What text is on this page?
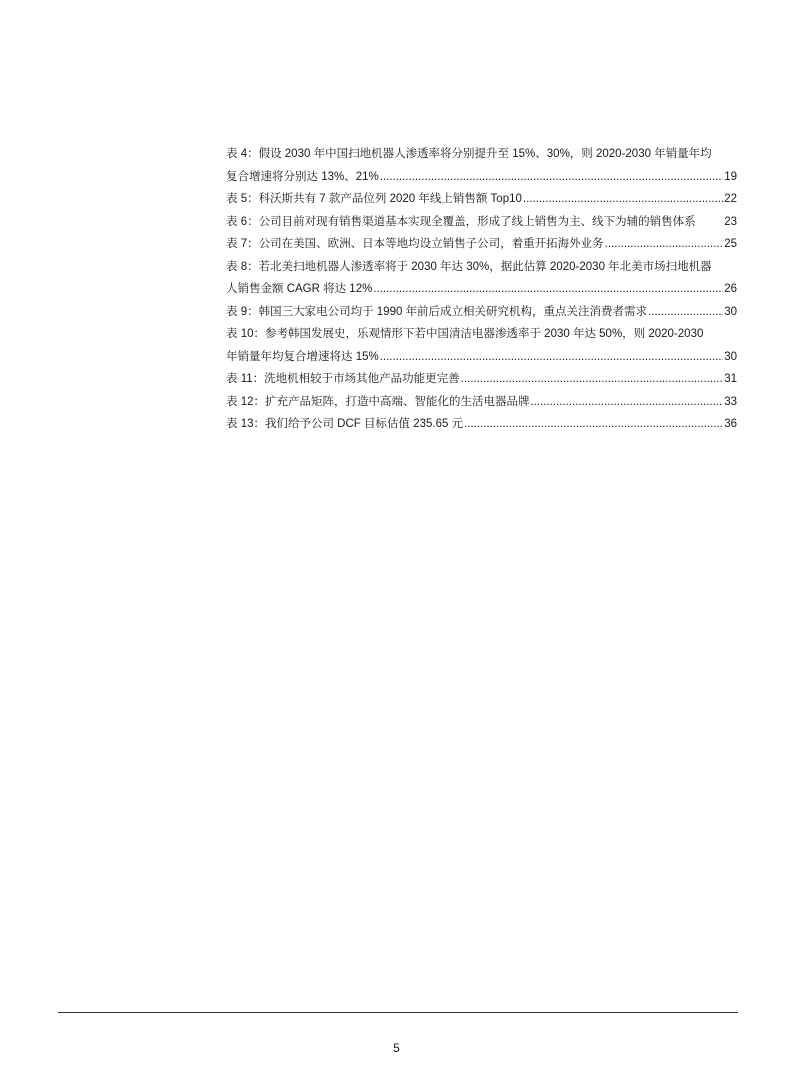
表 4：假设 2030 年中国扫地机器人渗透率将分别提升至 15%、30%，则 2020-2030 年销量年均
复合增速将分别达 13%、21% .....	19
表 5：科沃斯共有 7 款产品位列 2020 年线上销售额 Top10 .....	22
表 6：公司目前对现有销售渠道基本实现全覆盖，形成了线上销售为主、线下为辅的销售体系 23
表 7：公司在美国、欧洲、日本等地均设立销售子公司，着重开拓海外业务 .....	25
表 8：若北美扫地机器人渗透率将于 2030 年达 30%，据此估算 2020-2030 年北美市场扫地机器
人销售金额 CAGR 将达 12% .....	26
表 9：韩国三大家电公司均于 1990 年前后成立相关研究机构，重点关注消费者需求 .....	30
表 10：参考韩国发展史，乐观情形下若中国清洁电器渗透率于 2030 年达 50%，则 2020-2030
年销量年均复合增速将达 15% .....	30
表 11：洗地机相较于市场其他产品功能更完善 .....	31
表 12：扩充产品矩阵，打造中高端、智能化的生活电器品牌 .....	33
表 13：我们给予公司 DCF 目标估值 235.65 元 .....	36
5
